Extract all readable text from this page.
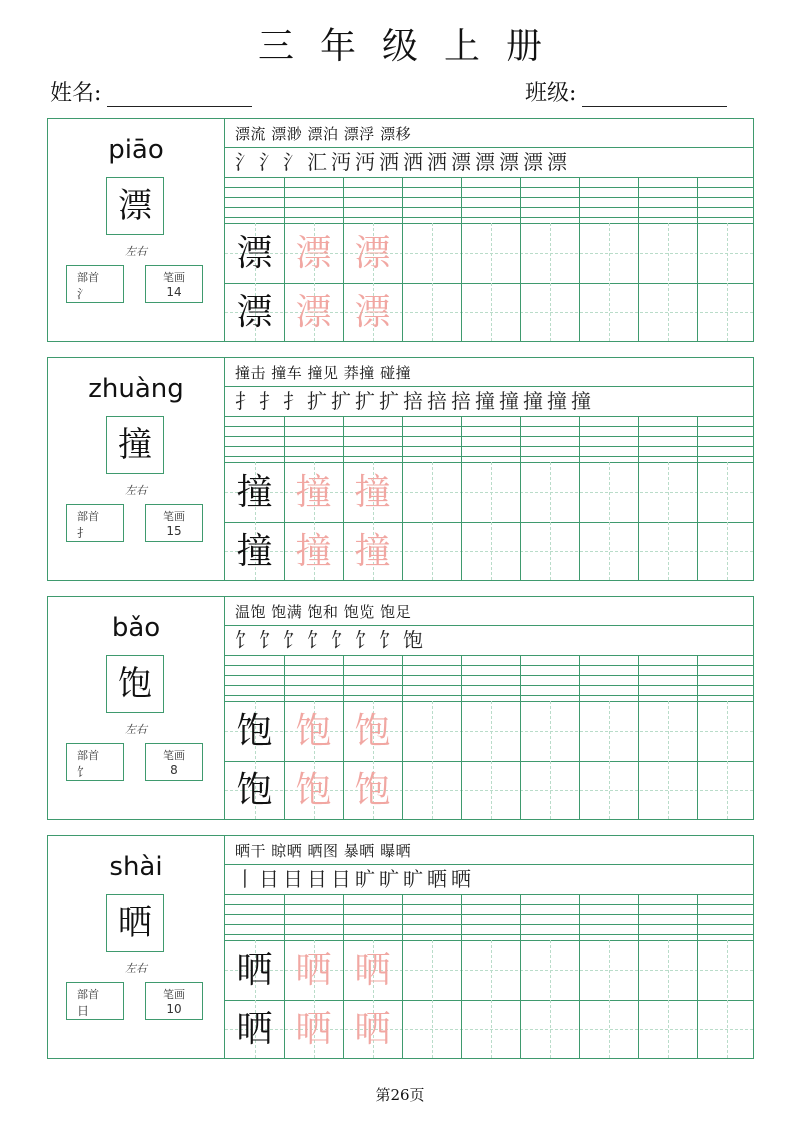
三年级上册
姓名:	班级:
piāo
漂
左右
部首
氵
笔画
14
漂流 漂渺 漂泊 漂浮 漂移
氵 氵 氵 汇 沔 沔 洒 洒 洒 漂 漂 漂 漂 漂
漂 漂 漂
漂 漂 漂
zhuàng
撞
左右
部首
扌
笔画
15
撞击 撞车 撞见 莽撞 碰撞
扌 扌 扌 扩 扩 扩 扩 掊 掊 掊 撞 撞 撞 撞 撞
撞 撞 撞
撞 撞 撞
bǎo
饱
左右
部首
饣
笔画
8
温饱 饱满 饱和 饱览 饱足
饣 饣 饣 饣 饣 饣 饣 饱
饱 饱 饱
饱 饱 饱
shài
晒
左右
部首
日
笔画
10
晒干 晾晒 晒图 暴晒 曝晒
丨 日 日 日 日 旷 旷 旷 晒 晒
晒 晒 晒
晒 晒 晒
第26页
